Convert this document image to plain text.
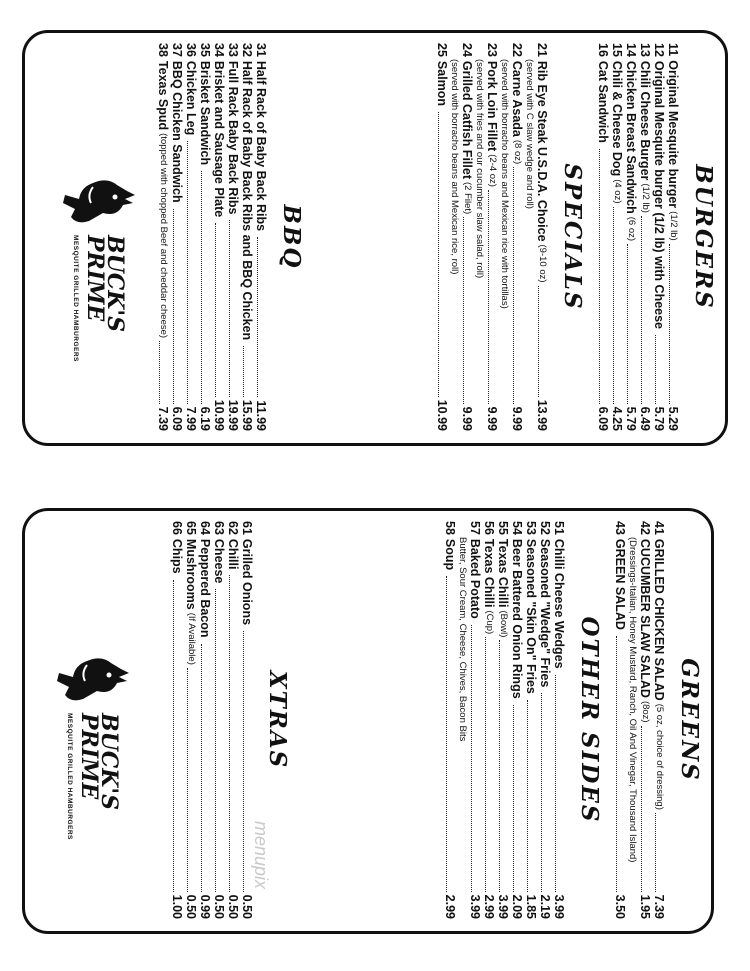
BURGERS
11
Original Mesquite burger
(1/2 lb)
5.29
12
Original Mesquite burger (1/2 lb) with Cheese
5.79
13
Chili Cheese Burger
(1/2 lb)
6.49
14
Chicken Breast Sandwich
(6 oz)
5.79
15
Chili & Cheese Dog
(4 oz)
4.25
16
Cat Sandwich
6.09
SPECIALS
21
Rib Eye Steak U.S.D.A. Choice
(9-10 oz)
13.99
(served with C slaw wedge and roll)
22
Carne Asada
(8 oz)
9.99
(served with borracho beans and Mexican rice with tortillas)
23
Pork Loin Fillet
(2-4 oz)
9.99
(served with fries and our cucumber slaw salad, roll)
24
Grilled Catfish Fillet
(2 Filet)
9.99
(served with borracho beans and Mexican rice, roll)
25
Salmon
10.99
BBQ
31
Half Rack of Baby Back Ribs
11.99
32
Half Rack of Baby Back Ribs and BBQ Chicken
15.99
33
Full Rack Baby Back Ribs
19.99
34
Brisket and Sausage Plate
10.99
35
Brisket Sandwich
6.19
36
Chicken Leg
7.99
37
BBQ Chicken Sandwich
6.09
38
Texas Spud
(topped with chopped Beef and cheddar cheese)
7.39
BUCK'S
PRIME
MESQUITE GRILLED HAMBURGERS
GREENS
41
GRILLED CHICKEN SALAD
(5 oz, choice of dressing)
7.39
42
CUCUMBER SLAW SALAD
(8oz)
1.95
(Dressings-Italian, Honey Mustard, Ranch, Oil And Vinegar, Thousand Island)
43
GREEN SALAD
3.50
OTHER SIDES
51
Chilli Cheese Wedges
3.99
52
Seasoned "Wedge" Fries
2.19
53
Seasoned "Skin On" Fries
1.85
54
Beer Battered Onion Rings
2.09
55
Texas Chilli
(Bowl)
3.99
56
Texas Chilli
(Cup)
2.99
57
Baked Potato
3.99
Butter, Sour Cream, Cheese, Chives, Bacon Bits
58
Soup
2.99
XTRAS
61
Grilled Onions
0.50
62
Chilli
0.50
63
Cheese
0.50
64
Peppered Bacon
0.99
65
Mushrooms
(If Available)
0.50
66
Chips
1.00
BUCK'S
PRIME
MESQUITE GRILLED HAMBURGERS
menupix
